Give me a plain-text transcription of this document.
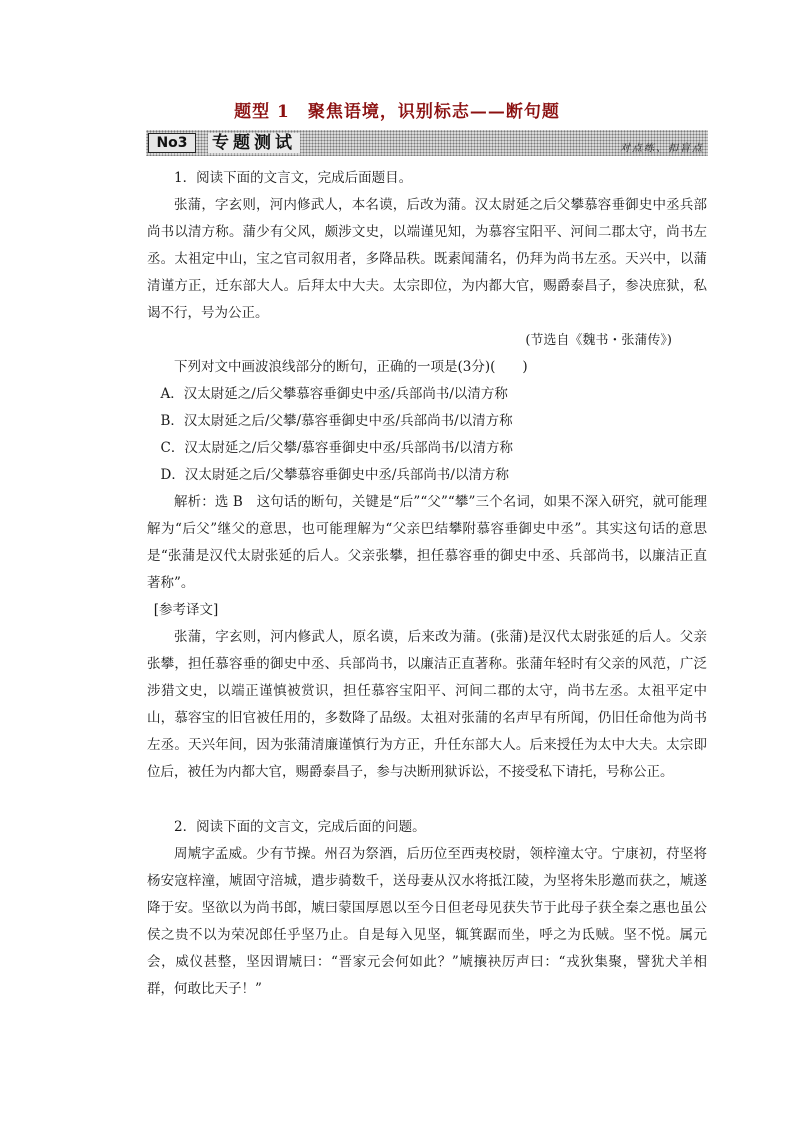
题型 1　聚焦语境，识别标志——断句题
No3	专题测试	对点练、扣盲点

1．阅读下面的文言文，完成后面题目。

张蒲，字玄则，河内修武人，本名谟，后改为蒲。汉太尉延之后父攀慕容垂御史中丞兵部尚书以清方称。蒲少有父风，颇涉文史，以端谨见知，为慕容宝阳平、河间二郡太守，尚书左丞。太祖定中山，宝之官司叙用者，多降品秩。既素闻蒲名，仍拜为尚书左丞。天兴中，以蒲清谨方正，迁东部大人。后拜太中大夫。太宗即位，为内都大官，赐爵泰昌子，参决庶狱，私谒不行，号为公正。

(节选自《魏书・张蒲传》)

下列对文中画波浪线部分的断句，正确的一项是(3分)(　　)

A．汉太尉延之/后父攀慕容垂御史中丞/兵部尚书/以清方称
B．汉太尉延之后/父攀/慕容垂御史中丞/兵部尚书/以清方称
C．汉太尉延之/后父攀/慕容垂御史中丞/兵部尚书/以清方称
D．汉太尉延之后/父攀慕容垂御史中丞/兵部尚书/以清方称

解析：选 B　这句话的断句，关键是“后”“父”“攀”三个名词，如果不深入研究，就可能理解为“后父”继父的意思，也可能理解为“父亲巴结攀附慕容垂御史中丞”。其实这句话的意思是“张蒲是汉代太尉张延的后人。父亲张攀，担任慕容垂的御史中丞、兵部尚书，以廉洁正直著称”。

[参考译文]

张蒲，字玄则，河内修武人，原名谟，后来改为蒲。(张蒲)是汉代太尉张延的后人。父亲张攀，担任慕容垂的御史中丞、兵部尚书，以廉洁正直著称。张蒲年轻时有父亲的风范，广泛涉猎文史，以端正谨慎被赏识，担任慕容宝阳平、河间二郡的太守，尚书左丞。太祖平定中山，慕容宝的旧官被任用的，多数降了品级。太祖对张蒲的名声早有所闻，仍旧任命他为尚书左丞。天兴年间，因为张蒲清廉谨慎行为方正，升任东部大人。后来授任为太中大夫。太宗即位后，被任为内都大官，赐爵泰昌子，参与决断刑狱诉讼，不接受私下请托，号称公正。

2．阅读下面的文言文，完成后面的问题。

周虓字孟威。少有节操。州召为祭酒，后历位至西夷校尉，领梓潼太守。宁康初，苻坚将杨安寇梓潼，虓固守涪城，遣步骑数千，送母妻从汉水将抵江陵，为坚将朱肜邀而获之，虓遂降于安。坚欲以为尚书郎，虓曰蒙国厚恩以至今日但老母见获失节于此母子获全秦之惠也虽公侯之贵不以为荣况郎任乎坚乃止。自是每入见坚，辄箕踞而坐，呼之为氐贼。坚不悦。属元会，威仪甚整，坚因谓虓曰：“晋家元会何如此？”虓攘袂厉声曰：“戎狄集聚，譬犹犬羊相群，何敢比天子！”
